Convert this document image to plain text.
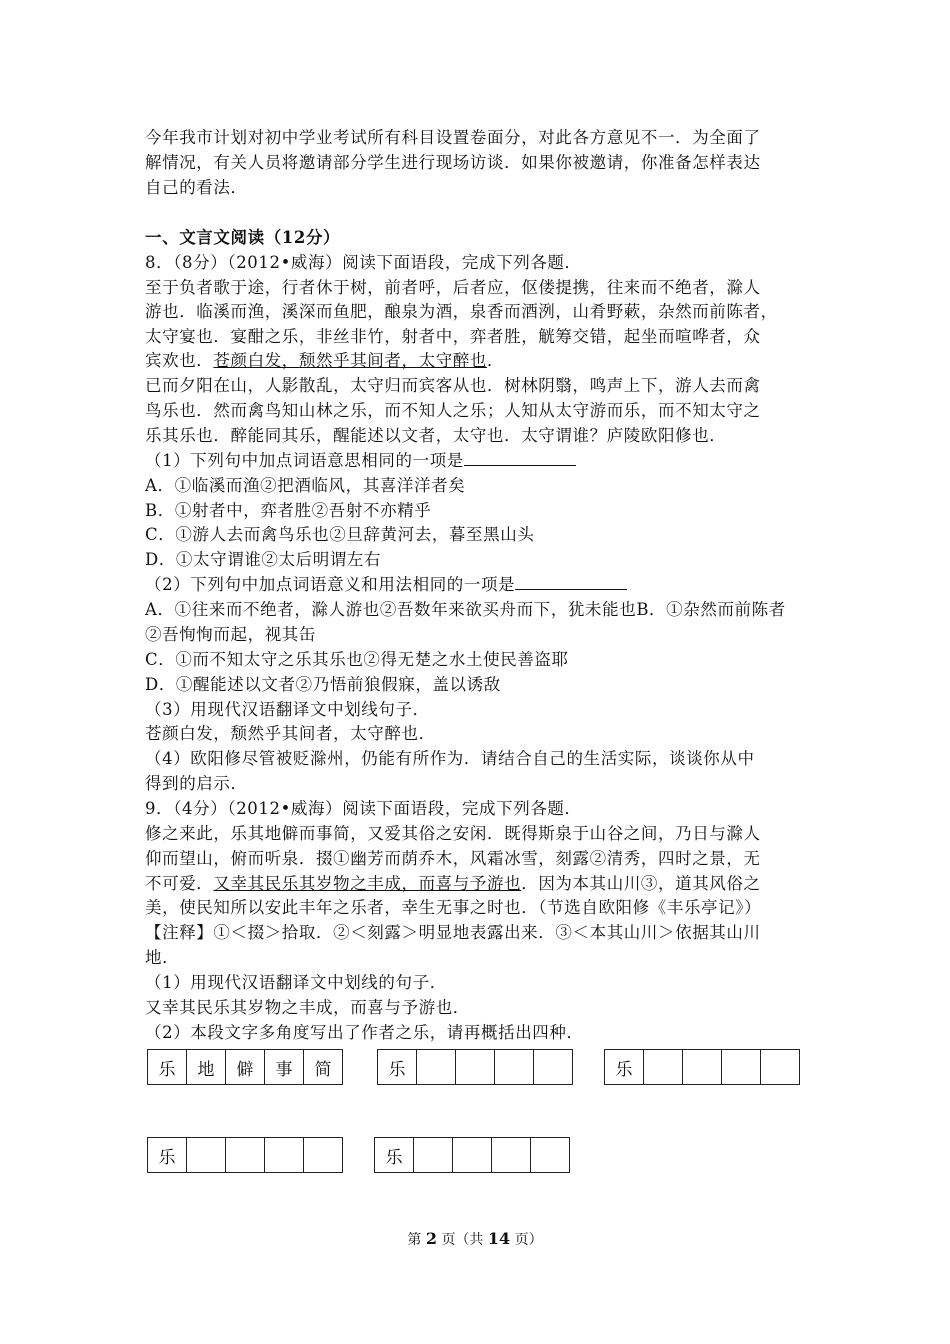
今年我市计划对初中学业考试所有科目设置卷面分，对此各方意见不一．为全面了
解情况，有关人员将邀请部分学生进行现场访谈．如果你被邀请，你准备怎样表达
自己的看法．
一、文言文阅读（12分）
8．（8分）（2012•威海）阅读下面语段，完成下列各题．
至于负者歌于途，行者休于树，前者呼，后者应，伛偻提携，往来而不绝者，滁人
游也．临溪而渔，溪深而鱼肥，酿泉为酒，泉香而酒洌，山肴野蔌，杂然而前陈者，
太守宴也．宴酣之乐，非丝非竹，射者中，弈者胜，觥筹交错，起坐而喧哗者，众
宾欢也．苍颜白发，颓然乎其间者，太守醉也．
已而夕阳在山，人影散乱，太守归而宾客从也．树林阴翳，鸣声上下，游人去而禽
鸟乐也．然而禽鸟知山林之乐，而不知人之乐；人知从太守游而乐，而不知太守之
乐其乐也．醉能同其乐，醒能述以文者，太守也．太守谓谁？庐陵欧阳修也．
（1）下列句中加点词语意思相同的一项是
A．①临溪而渔②把酒临风，其喜洋洋者矣
B．①射者中，弈者胜②吾射不亦精乎
C．①游人去而禽鸟乐也②旦辞黄河去，暮至黑山头
D．①太守谓谁②太后明谓左右
（2）下列句中加点词语意义和用法相同的一项是
A．①往来而不绝者，滁人游也②吾数年来欲买舟而下，犹未能也B．①杂然而前陈者
②吾恂恂而起，视其缶
C．①而不知太守之乐其乐也②得无楚之水土使民善盗耶
D．①醒能述以文者②乃悟前狼假寐，盖以诱敌
（3）用现代汉语翻译文中划线句子．
苍颜白发，颓然乎其间者，太守醉也．
（4）欧阳修尽管被贬滁州，仍能有所作为．请结合自己的生活实际，谈谈你从中
得到的启示．
9．（4分）（2012•威海）阅读下面语段，完成下列各题．
修之来此，乐其地僻而事简，又爱其俗之安闲．既得斯泉于山谷之间，乃日与滁人
仰而望山，俯而听泉．掇①幽芳而荫乔木，风霜冰雪，刻露②清秀，四时之景，无
不可爱．又幸其民乐其岁物之丰成，而喜与予游也．因为本其山川③，道其风俗之
美，使民知所以安此丰年之乐者，幸生无事之时也．（节选自欧阳修《丰乐亭记》）
【注释】①＜掇＞拾取．②＜刻露＞明显地表露出来．③＜本其山川＞依据其山川
地．
（1）用现代汉语翻译文中划线的句子．
又幸其民乐其岁物之丰成，而喜与予游也．
（2）本段文字多角度写出了作者之乐，请再概括出四种．
乐	地	僻	事	简	乐	乐
乐	乐
第 2 页（共 14 页）
